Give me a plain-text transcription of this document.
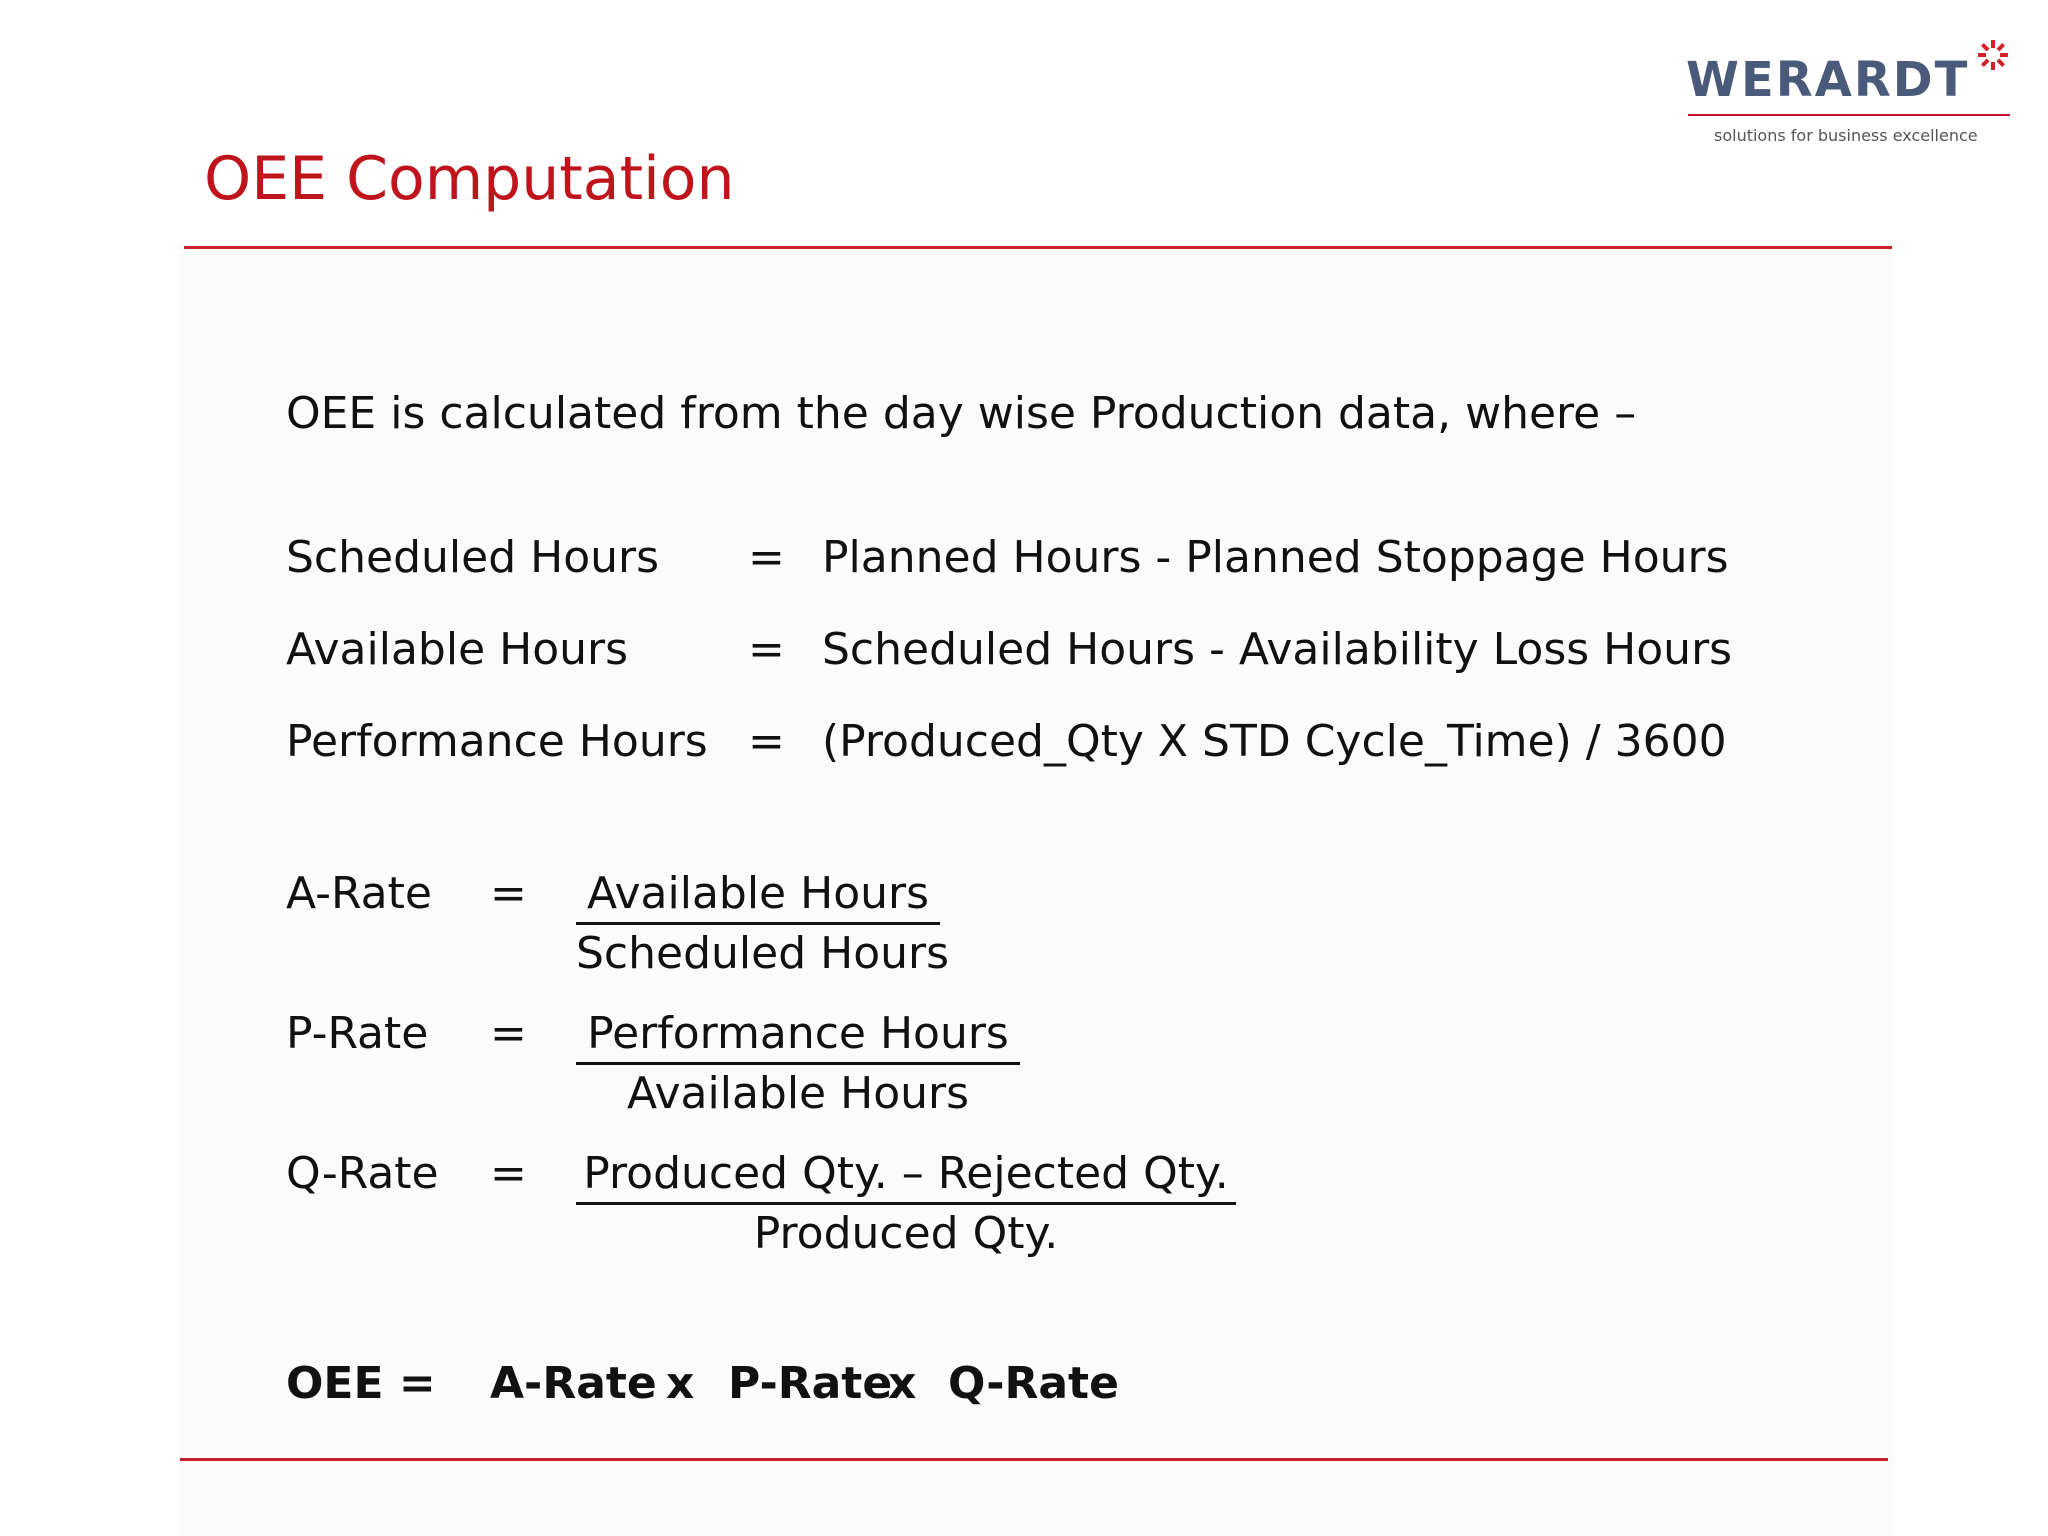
WERARDT
solutions for business excellence
OEE Computation
OEE is calculated from the day wise Production data, where –
Scheduled Hours = Planned Hours - Planned Stoppage Hours
Available Hours	= Scheduled Hours - Availability Loss Hours
Performance Hours = (Produced_Qty X STD Cycle_Time) / 3600
A-Rate = Available Hours
Scheduled Hours
P-Rate = Performance Hours
Available Hours
Q-Rate = Produced Qty. – Rejected Qty.
Produced Qty.
OEE = A-Rate x P-Rate
x Q-Rate
